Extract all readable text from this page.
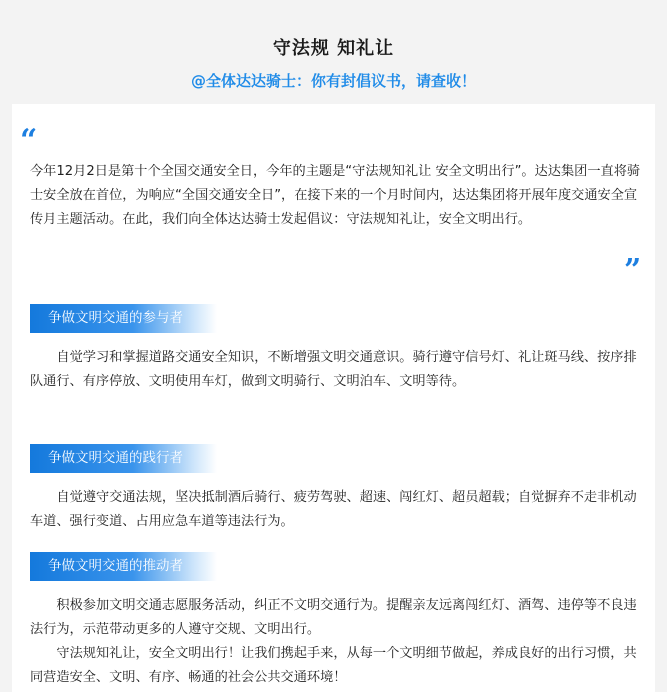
守法规 知礼让
@全体达达骑士：你有封倡议书，请查收！
“
今年12月2日是第十个全国交通安全日，今年的主题是“守法规知礼让 安全文明出行”。达达集团一直将骑士安全放在首位，为响应“全国交通安全日”，在接下来的一个月时间内，达达集团将开展年度交通安全宣传月主题活动。在此，我们向全体达达骑士发起倡议：守法规知礼让，安全文明出行。
”
争做文明交通的参与者

自觉学习和掌握道路交通安全知识，不断增强文明交通意识。骑行遵守信号灯、礼让斑马线、按序排队通行、有序停放、文明使用车灯，做到文明骑行、文明泊车、文明等待。

争做文明交通的践行者

自觉遵守交通法规，坚决抵制酒后骑行、疲劳驾驶、超速、闯红灯、超员超载；自觉摒弃不走非机动车道、强行变道、占用应急车道等违法行为。

争做文明交通的推动者

积极参加文明交通志愿服务活动，纠正不文明交通行为。提醒亲友远离闯红灯、酒驾、违停等不良违法行为，示范带动更多的人遵守交规、文明出行。

守法规知礼让，安全文明出行！让我们携起手来，从每一个文明细节做起，养成良好的出行习惯，共同营造安全、文明、有序、畅通的社会公共交通环境！
